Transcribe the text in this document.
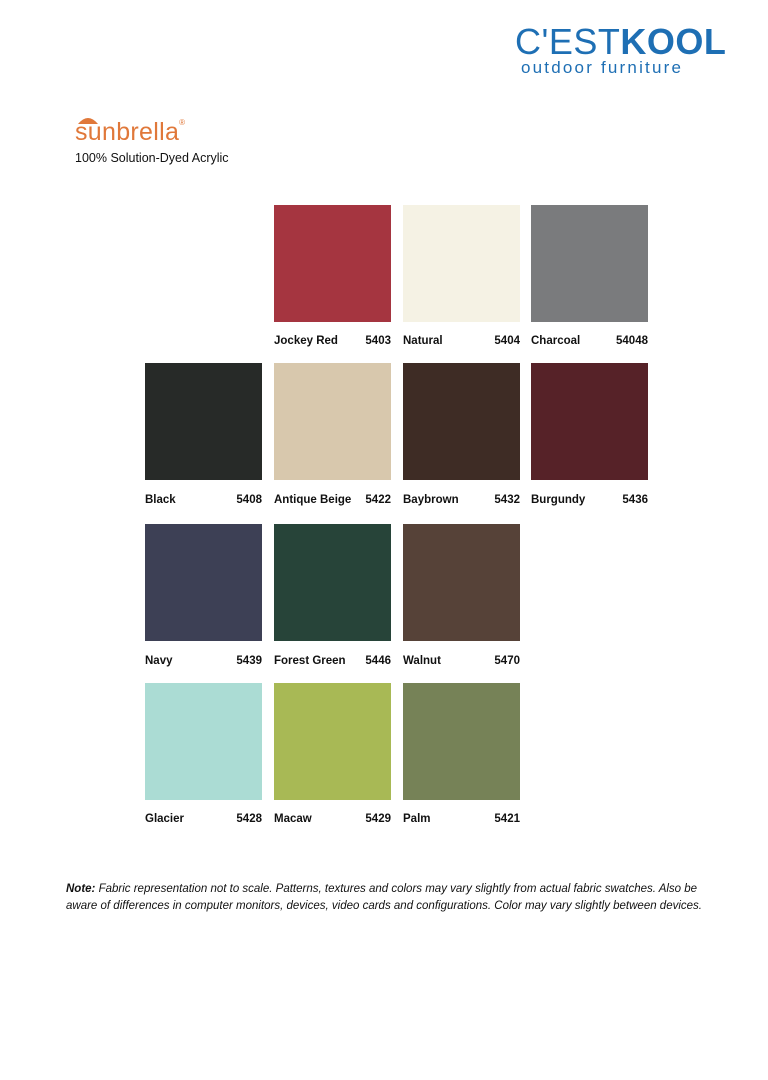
C'ESTKOOL
outdoor furniture
sunbrella®
100% Solution-Dyed Acrylic
Jockey Red 5403 Natural	5404 Charcoal	54048
Black	5408 Antique Beige 5422 Baybrown	5432 Burgundy	5436
Navy	5439 Forest Green 5446 Walnut	5470
Glacier	5428 Macaw	5429 Palm	5421
Note: Fabric representation not to scale. Patterns, textures and colors may vary slightly from actual fabric swatches. Also be aware of differences in computer monitors, devices, video cards and configurations. Color may vary slightly between devices.
